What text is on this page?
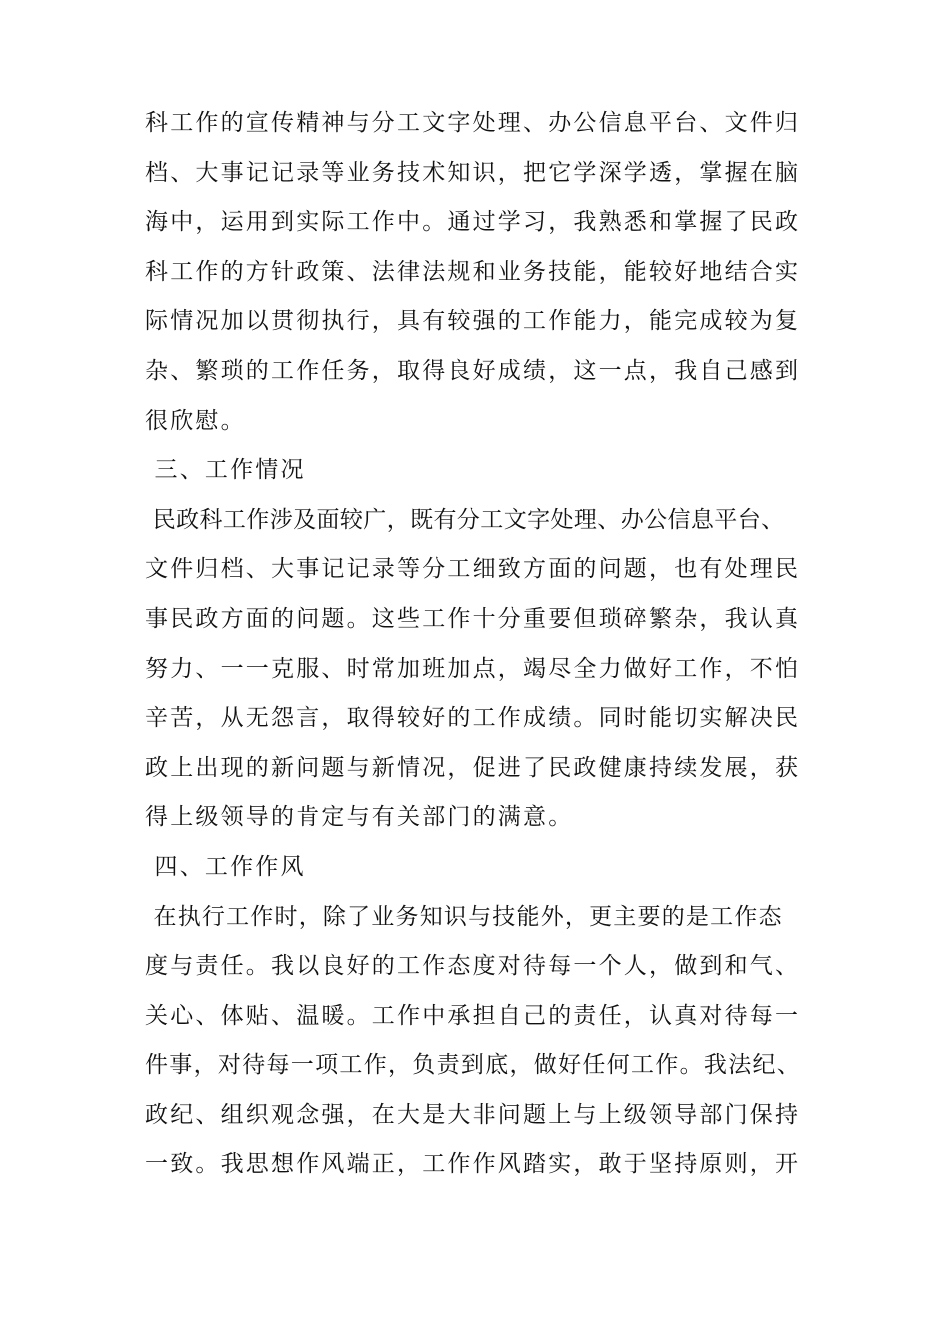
科工作的宣传精神与分工文字处理、办公信息平台、文件归
档、大事记记录等业务技术知识，把它学深学透，掌握在脑
海中，运用到实际工作中。通过学习，我熟悉和掌握了民政
科工作的方针政策、法律法规和业务技能，能较好地结合实
际情况加以贯彻执行，具有较强的工作能力，能完成较为复
杂、繁琐的工作任务，取得良好成绩，这一点，我自己感到
很欣慰。
三、工作情况
民政科工作涉及面较广，既有分工文字处理、办公信息平台、
文件归档、大事记记录等分工细致方面的问题，也有处理民
事民政方面的问题。这些工作十分重要但琐碎繁杂，我认真
努力、一一克服、时常加班加点，竭尽全力做好工作，不怕
辛苦，从无怨言，取得较好的工作成绩。同时能切实解决民
政上出现的新问题与新情况，促进了民政健康持续发展，获
得上级领导的肯定与有关部门的满意。
四、工作作风
在执行工作时，除了业务知识与技能外，更主要的是工作态
度与责任。我以良好的工作态度对待每一个人，做到和气、
关心、体贴、温暖。工作中承担自己的责任，认真对待每一
件事，对待每一项工作，负责到底，做好任何工作。我法纪、
政纪、组织观念强，在大是大非问题上与上级领导部门保持
一致。我思想作风端正，工作作风踏实，敢于坚持原则，开
